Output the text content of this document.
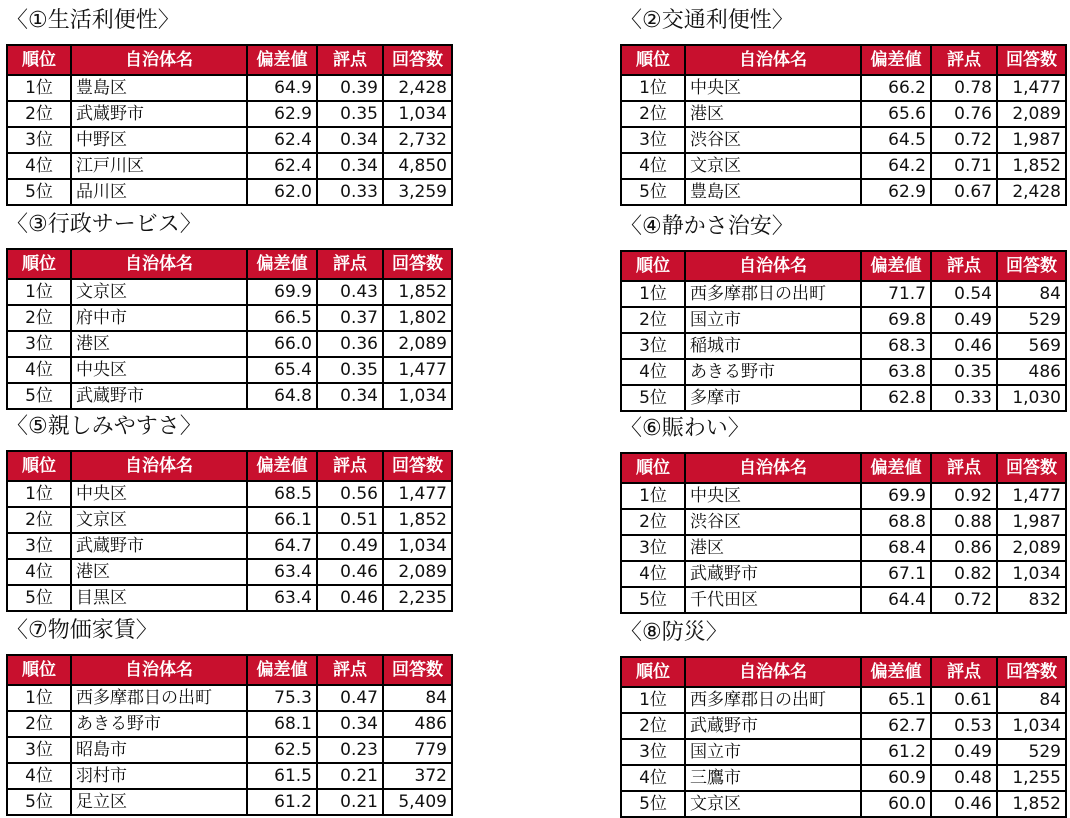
〈①生活利便性〉
順位	自治体名	偏差値	評点	回答数
1位	豊島区	64.9	0.39	2,428
2位	武蔵野市	62.9	0.35	1,034
3位	中野区	62.4	0.34	2,732
4位	江戸川区	62.4	0.34	4,850
5位	品川区	62.0	0.33	3,259
〈②交通利便性〉
順位	自治体名	偏差値	評点	回答数
1位	中央区	66.2	0.78	1,477
2位	港区	65.6	0.76	2,089
3位	渋谷区	64.5	0.72	1,987
4位	文京区	64.2	0.71	1,852
5位	豊島区	62.9	0.67	2,428
〈③行政サービス〉
順位	自治体名	偏差値	評点	回答数
1位	文京区	69.9	0.43	1,852
2位	府中市	66.5	0.37	1,802
3位	港区	66.0	0.36	2,089
4位	中央区	65.4	0.35	1,477
5位	武蔵野市	64.8	0.34	1,034
〈④静かさ治安〉
順位	自治体名	偏差値	評点	回答数
1位	西多摩郡日の出町	71.7	0.54	84
2位	国立市	69.8	0.49	529
3位	稲城市	68.3	0.46	569
4位	あきる野市	63.8	0.35	486
5位	多摩市	62.8	0.33	1,030
〈⑤親しみやすさ〉
順位	自治体名	偏差値	評点	回答数
1位	中央区	68.5	0.56	1,477
2位	文京区	66.1	0.51	1,852
3位	武蔵野市	64.7	0.49	1,034
4位	港区	63.4	0.46	2,089
5位	目黒区	63.4	0.46	2,235
〈⑥賑わい〉
順位	自治体名	偏差値	評点	回答数
1位	中央区	69.9	0.92	1,477
2位	渋谷区	68.8	0.88	1,987
3位	港区	68.4	0.86	2,089
4位	武蔵野市	67.1	0.82	1,034
5位	千代田区	64.4	0.72	832
〈⑦物価家賃〉
順位	自治体名	偏差値	評点	回答数
1位	西多摩郡日の出町	75.3	0.47	84
2位	あきる野市	68.1	0.34	486
3位	昭島市	62.5	0.23	779
4位	羽村市	61.5	0.21	372
5位	足立区	61.2	0.21	5,409
〈⑧防災〉
順位	自治体名	偏差値	評点	回答数
1位	西多摩郡日の出町	65.1	0.61	84
2位	武蔵野市	62.7	0.53	1,034
3位	国立市	61.2	0.49	529
4位	三鷹市	60.9	0.48	1,255
5位	文京区	60.0	0.46	1,852
